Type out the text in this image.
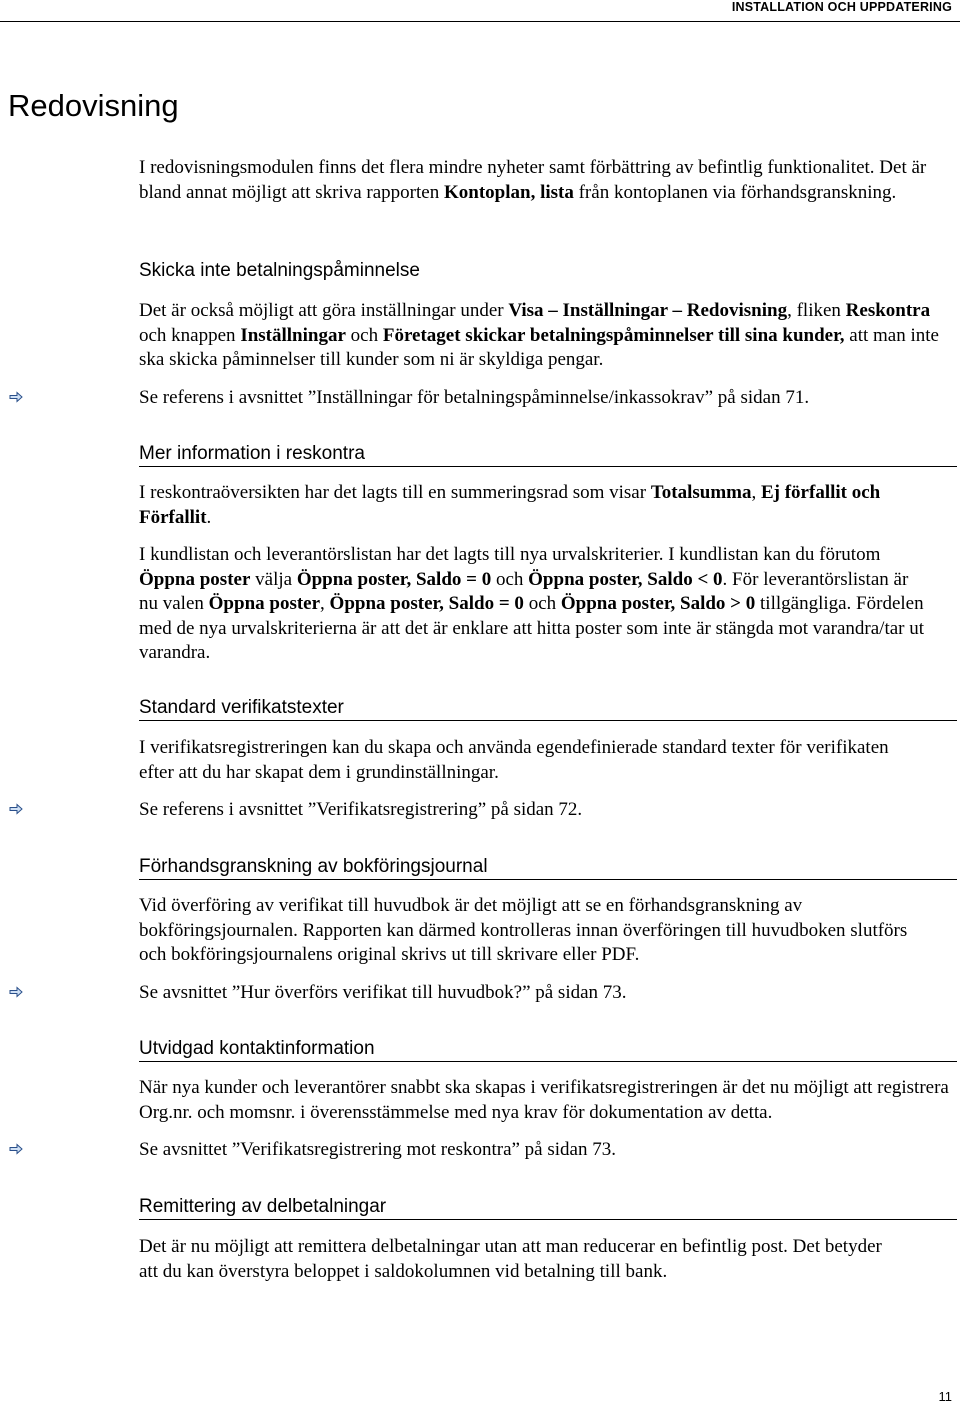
INSTALLATION OCH UPPDATERING
Redovisning

I redovisningsmodulen finns det flera mindre nyheter samt förbättring av befintlig funktionalitet. Det är bland annat möjligt att skriva rapporten Kontoplan, lista från kontoplanen via förhandsgranskning.

Skicka inte betalningspåminnelse

Det är också möjligt att göra inställningar under Visa – Inställningar – Redovisning, fliken Reskontra och knappen Inställningar och Företaget skickar betalningspåminnelser till sina kunder, att man inte ska skicka påminnelser till kunder som ni är skyldiga pengar.

Se referens i avsnittet ”Inställningar för betalningspåminnelse/inkassokrav” på sidan 71.

Mer information i reskontra

I reskontraöversikten har det lagts till en summeringsrad som visar Totalsumma, Ej förfallit och Förfallit.

I kundlistan och leverantörslistan har det lagts till nya urvalskriterier. I kundlistan kan du förutom Öppna poster välja Öppna poster, Saldo = 0 och Öppna poster, Saldo < 0. För leverantörslistan är nu valen Öppna poster, Öppna poster, Saldo = 0 och Öppna poster, Saldo > 0 tillgängliga. Fördelen med de nya urvalskriterierna är att det är enklare att hitta poster som inte är stängda mot varandra/tar ut varandra.

Standard verifikatstexter

I verifikatsregistreringen kan du skapa och använda egendefinierade standard texter för verifikaten efter att du har skapat dem i grundinställningar.

Se referens i avsnittet ”Verifikatsregistrering” på sidan 72.

Förhandsgranskning av bokföringsjournal

Vid överföring av verifikat till huvudbok är det möjligt att se en förhandsgranskning av bokföringsjournalen. Rapporten kan därmed kontrolleras innan överföringen till huvudboken slutförs och bokföringsjournalens original skrivs ut till skrivare eller PDF.

Se avsnittet ”Hur överförs verifikat till huvudbok?” på sidan 73.

Utvidgad kontaktinformation

När nya kunder och leverantörer snabbt ska skapas i verifikatsregistreringen är det nu möjligt att registrera Org.nr. och momsnr. i överensstämmelse med nya krav för dokumentation av detta.

Se avsnittet ”Verifikatsregistrering mot reskontra” på sidan 73.

Remittering av delbetalningar

Det är nu möjligt att remittera delbetalningar utan att man reducerar en befintlig post. Det betyder att du kan överstyra beloppet i saldokolumnen vid betalning till bank.

11
